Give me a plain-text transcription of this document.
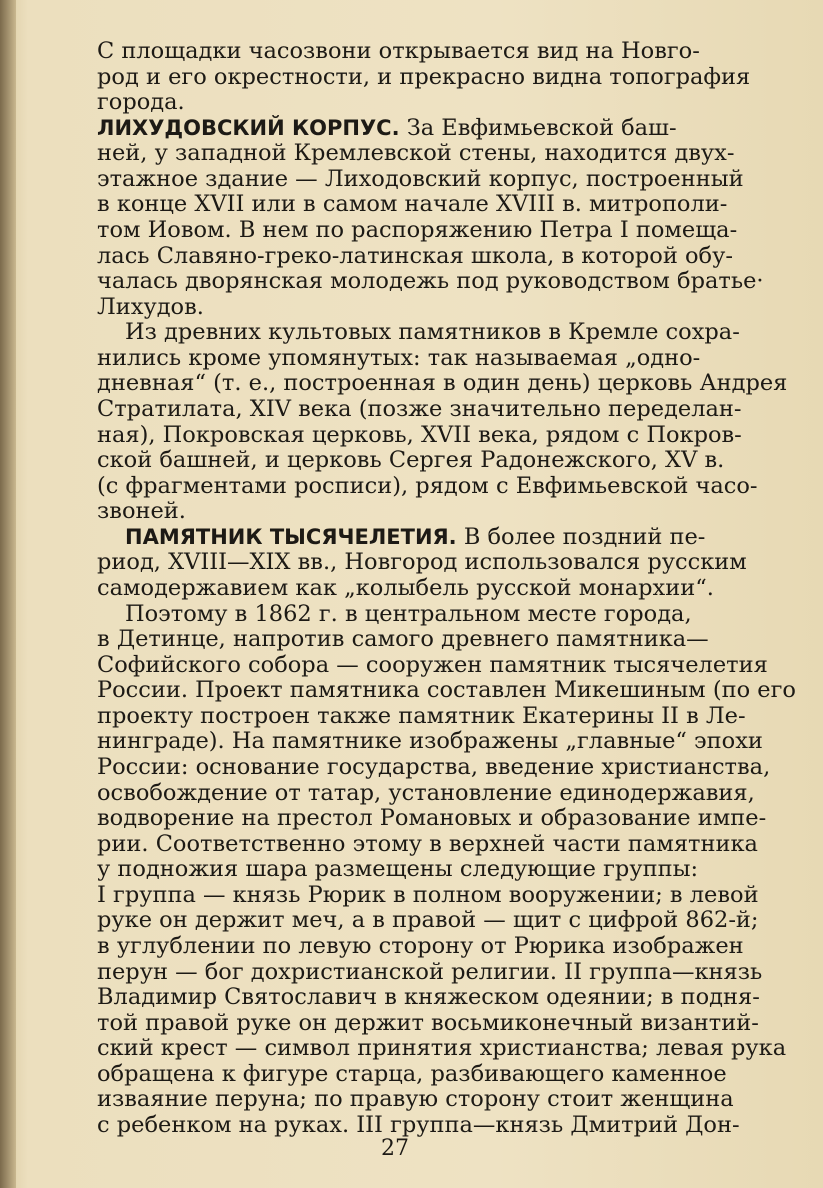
С площадки часозвони открывается вид на Новго-
род и его окрестности, и прекрасно видна топография
города.
ЛИХУДОВСКИЙ КОРПУС. За Евфимьевской баш-
ней, у западной Кремлевской стены, находится двух-
этажное здание — Лиходовский корпус, построенный
в конце XVII или в самом начале XVIII в. митрополи-
том Иовом. В нем по распоряжению Петра I помеща-
лась Славяно-греко-латинская школа, в которой обу-
чалась дворянская молодежь под руководством братье·
Лихудов.
Из древних культовых памятников в Кремле сохра-
нились кроме упомянутых: так называемая „одно-
дневная“ (т. е., построенная в один день) церковь Андрея
Стратилата, XIV века (позже значительно переделан-
ная), Покровская церковь, XVII века, рядом с Покров-
ской башней, и церковь Сергея Радонежского, XV в.
(с фрагментами росписи), рядом с Евфимьевской часо-
звоней.
ПАМЯТНИК ТЫСЯЧЕЛЕТИЯ. В более поздний пе-
риод, XVIII—XIX вв., Новгород использовался русским
самодержавием как „колыбель русской монархии“.
Поэтому в 1862 г. в центральном месте города,
в Детинце, напротив самого древнего памятника—
Софийского собора — сооружен памятник тысячелетия
России. Проект памятника составлен Микешиным (по его
проекту построен также памятник Екатерины II в Ле-
нинграде). На памятнике изображены „главные“ эпохи
России: основание государства, введение христианства,
освобождение от татар, установление единодержавия,
водворение на престол Романовых и образование импе-
рии. Соответственно этому в верхней части памятника
у подножия шара размещены следующие группы:
I группа — князь Рюрик в полном вооружении; в левой
руке он держит меч, а в правой — щит с цифрой 862-й;
в углублении по левую сторону от Рюрика изображен
перун — бог дохристианской религии. II группа—князь
Владимир Святославич в княжеском одеянии; в подня-
той правой руке он держит восьмиконечный византий-
ский крест — символ принятия христианства; левая рука
обращена к фигуре старца, разбивающего каменное
изваяние перуна; по правую сторону стоит женщина
с ребенком на руках. III группа—князь Дмитрий Дон-
27
